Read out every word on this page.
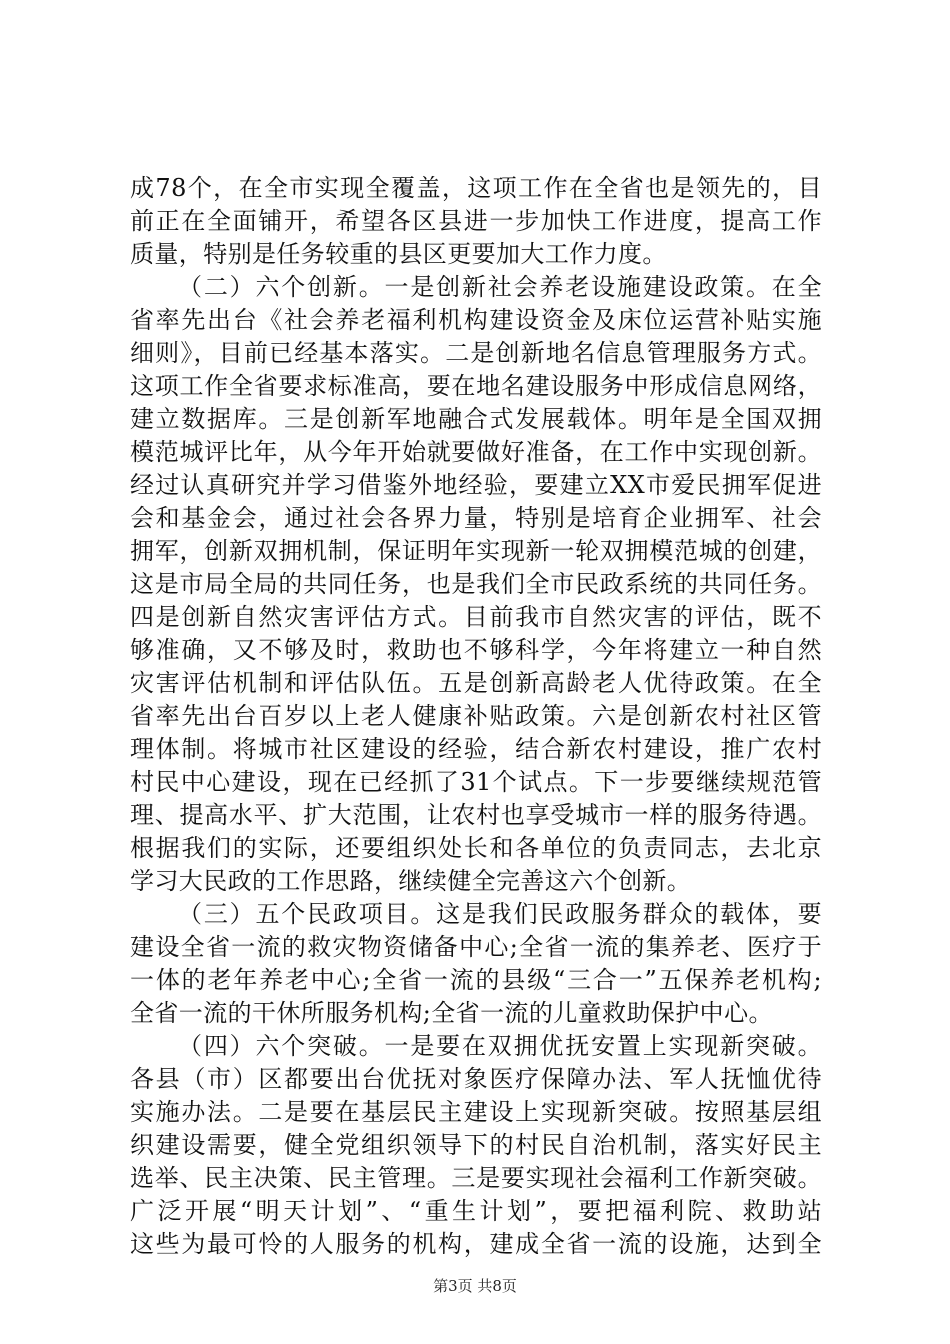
成78个，在全市实现全覆盖，这项工作在全省也是领先的，目
前正在全面铺开，希望各区县进一步加快工作进度，提高工作
质量，特别是任务较重的县区更要加大工作力度。
（二）六个创新。一是创新社会养老设施建设政策。在全
省率先出台《社会养老福利机构建设资金及床位运营补贴实施
细则》，目前已经基本落实。二是创新地名信息管理服务方式。
这项工作全省要求标准高，要在地名建设服务中形成信息网络，
建立数据库。三是创新军地融合式发展载体。明年是全国双拥
模范城评比年，从今年开始就要做好准备，在工作中实现创新。
经过认真研究并学习借鉴外地经验，要建立XX市爱民拥军促进
会和基金会，通过社会各界力量，特别是培育企业拥军、社会
拥军，创新双拥机制，保证明年实现新一轮双拥模范城的创建，
这是市局全局的共同任务，也是我们全市民政系统的共同任务。
四是创新自然灾害评估方式。目前我市自然灾害的评估，既不
够准确，又不够及时，救助也不够科学，今年将建立一种自然
灾害评估机制和评估队伍。五是创新高龄老人优待政策。在全
省率先出台百岁以上老人健康补贴政策。六是创新农村社区管
理体制。将城市社区建设的经验，结合新农村建设，推广农村
村民中心建设，现在已经抓了31个试点。下一步要继续规范管
理、提高水平、扩大范围，让农村也享受城市一样的服务待遇。
根据我们的实际，还要组织处长和各单位的负责同志，去北京
学习大民政的工作思路，继续健全完善这六个创新。
（三）五个民政项目。这是我们民政服务群众的载体，要
建设全省一流的救灾物资储备中心;全省一流的集养老、医疗于
一体的老年养老中心;全省一流的县级“三合一”五保养老机构;
全省一流的干休所服务机构;全省一流的儿童救助保护中心。
（四）六个突破。一是要在双拥优抚安置上实现新突破。
各县（市）区都要出台优抚对象医疗保障办法、军人抚恤优待
实施办法。二是要在基层民主建设上实现新突破。按照基层组
织建设需要，健全党组织领导下的村民自治机制，落实好民主
选举、民主决策、民主管理。三是要实现社会福利工作新突破。
广泛开展“明天计划”、“重生计划”，要把福利院、救助站
这些为最可怜的人服务的机构，建成全省一流的设施，达到全
第3页 共8页
